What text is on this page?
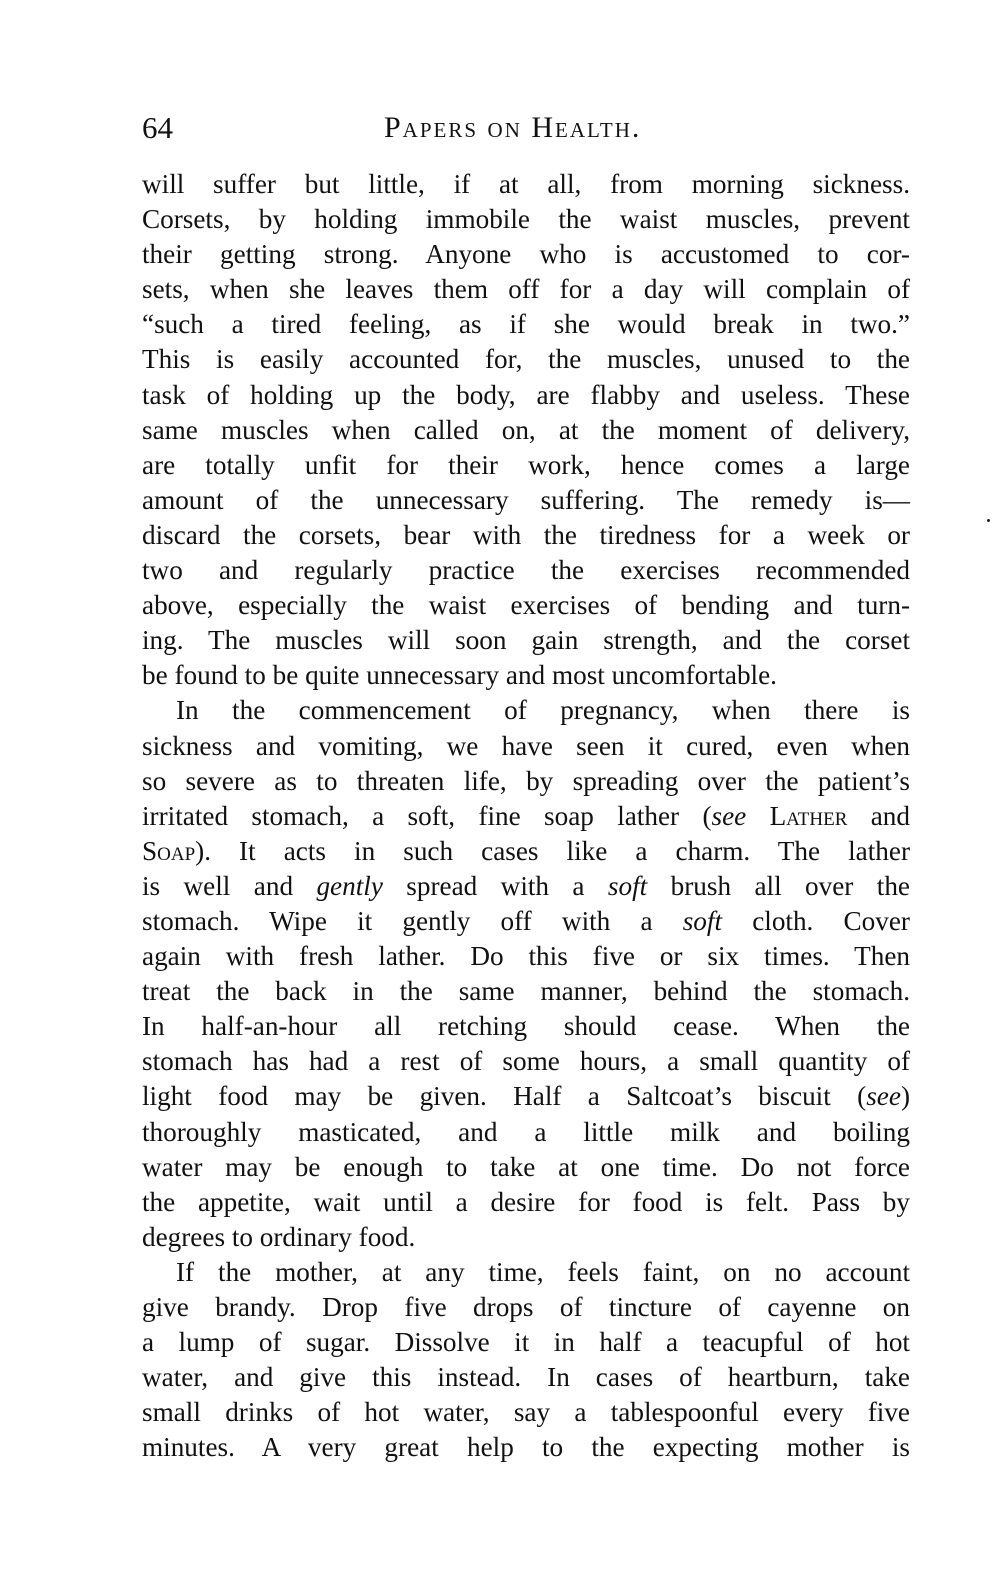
64	Papers on Health.
will suffer but little, if at all, from morning sickness.
Corsets, by holding immobile the waist muscles, prevent
their getting strong. Anyone who is accustomed to cor-
sets, when she leaves them off for a day will complain of
“such a tired feeling, as if she would break in two.”
This is easily accounted for, the muscles, unused to the
task of holding up the body, are flabby and useless. These
same muscles when called on, at the moment of delivery,
are totally unfit for their work, hence comes a large
amount of the unnecessary suffering. The remedy is—
discard the corsets, bear with the tiredness for a week or
two and regularly practice the exercises recommended
above, especially the waist exercises of bending and turn-
ing. The muscles will soon gain strength, and the corset
be found to be quite unnecessary and most uncomfortable.
In the commencement of pregnancy, when there is
sickness and vomiting, we have seen it cured, even when
so severe as to threaten life, by spreading over the patient’s
irritated stomach, a soft, fine soap lather (see Lather and
Soap). It acts in such cases like a charm. The lather
is well and gently spread with a soft brush all over the
stomach. Wipe it gently off with a soft cloth. Cover
again with fresh lather. Do this five or six times. Then
treat the back in the same manner, behind the stomach.
In half-an-hour all retching should cease. When the
stomach has had a rest of some hours, a small quantity of
light food may be given. Half a Saltcoat’s biscuit (see)
thoroughly masticated, and a little milk and boiling
water may be enough to take at one time. Do not force
the appetite, wait until a desire for food is felt. Pass by
degrees to ordinary food.
If the mother, at any time, feels faint, on no account
give brandy. Drop five drops of tincture of cayenne on
a lump of sugar. Dissolve it in half a teacupful of hot
water, and give this instead. In cases of heartburn, take
small drinks of hot water, say a tablespoonful every five
minutes. A very great help to the expecting mother is
